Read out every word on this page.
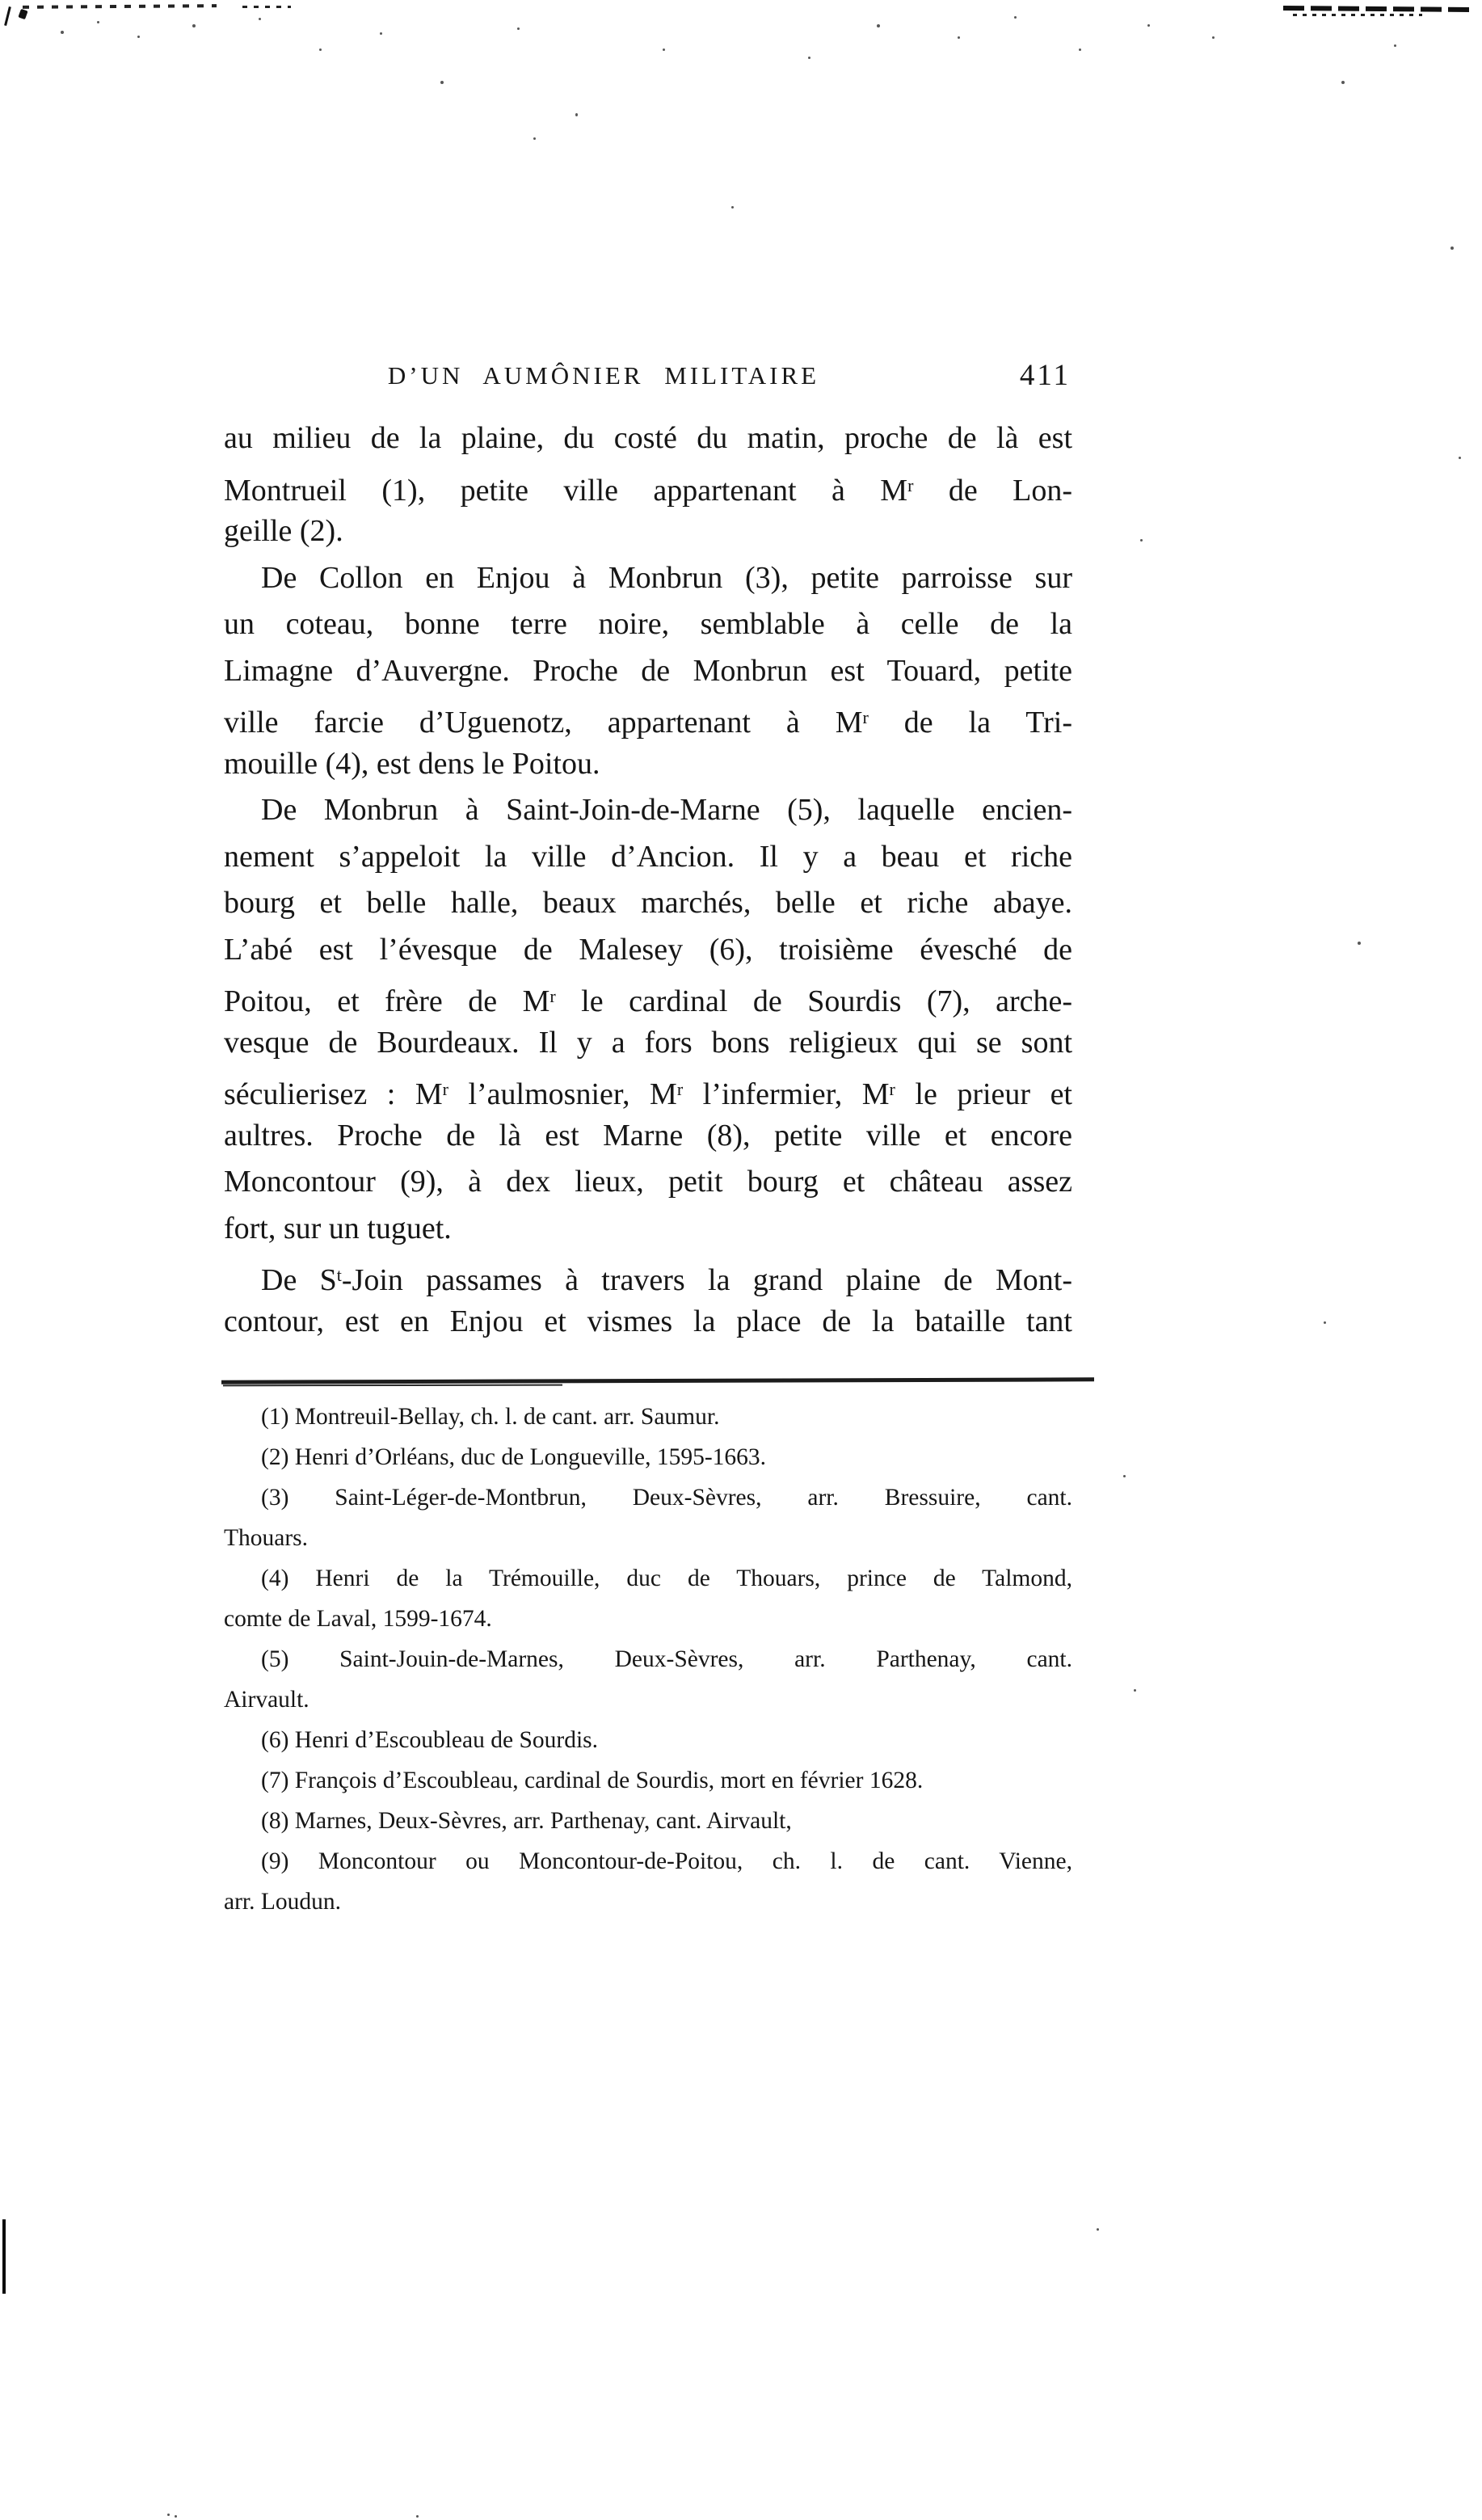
D’UN AUMÔNIER MILITAIRE	411
au milieu de la plaine, du costé du matin, proche de là est
Montrueil (1), petite ville appartenant à $M^r$ de Lon-
geille (2).
De Collon en Enjou à Monbrun (3), petite parroisse sur
un coteau, bonne terre noire, semblable à celle de la
Limagne d’Auvergne. Proche de Monbrun est Touard, petite
ville farcie d’Uguenotz, appartenant à $M^r$ de la Tri-
mouille (4), est dens le Poitou.
De Monbrun à Saint-Join-de-Marne (5), laquelle encien-
nement s’appeloit la ville d’Ancion. Il y a beau et riche
bourg et belle halle, beaux marchés, belle et riche abaye.
L’abé est l’évesque de Malesey (6), troisième évesché de
Poitou, et frère de $M^r$ le cardinal de Sourdis (7), arche-
vesque de Bourdeaux. Il y a fors bons religieux qui se sont
séculierisez : $M^r$ l’aulmosnier, $M^r$ l’infermier, $M^r$ le prieur et
aultres. Proche de là est Marne (8), petite ville et encore
Moncontour (9), à dex lieux, petit bourg et château assez
fort, sur un tuguet.
De $S^t$-Join passames à travers la grand plaine de Mont-
contour, est en Enjou et vismes la place de la bataille tant
(1) Montreuil-Bellay, ch. l. de cant. arr. Saumur.
(2) Henri d’Orléans, duc de Longueville, 1595-1663.
(3) Saint-Léger-de-Montbrun, Deux-Sèvres, arr. Bressuire, cant.
Thouars.
(4) Henri de la Trémouille, duc de Thouars, prince de Talmond,
comte de Laval, 1599-1674.
(5) Saint-Jouin-de-Marnes, Deux-Sèvres, arr. Parthenay, cant.
Airvault.
(6) Henri d’Escoubleau de Sourdis.
(7) François d’Escoubleau, cardinal de Sourdis, mort en février 1628.
(8) Marnes, Deux-Sèvres, arr. Parthenay, cant. Airvault,
(9) Moncontour ou Moncontour-de-Poitou, ch. l. de cant. Vienne,
arr. Loudun.
